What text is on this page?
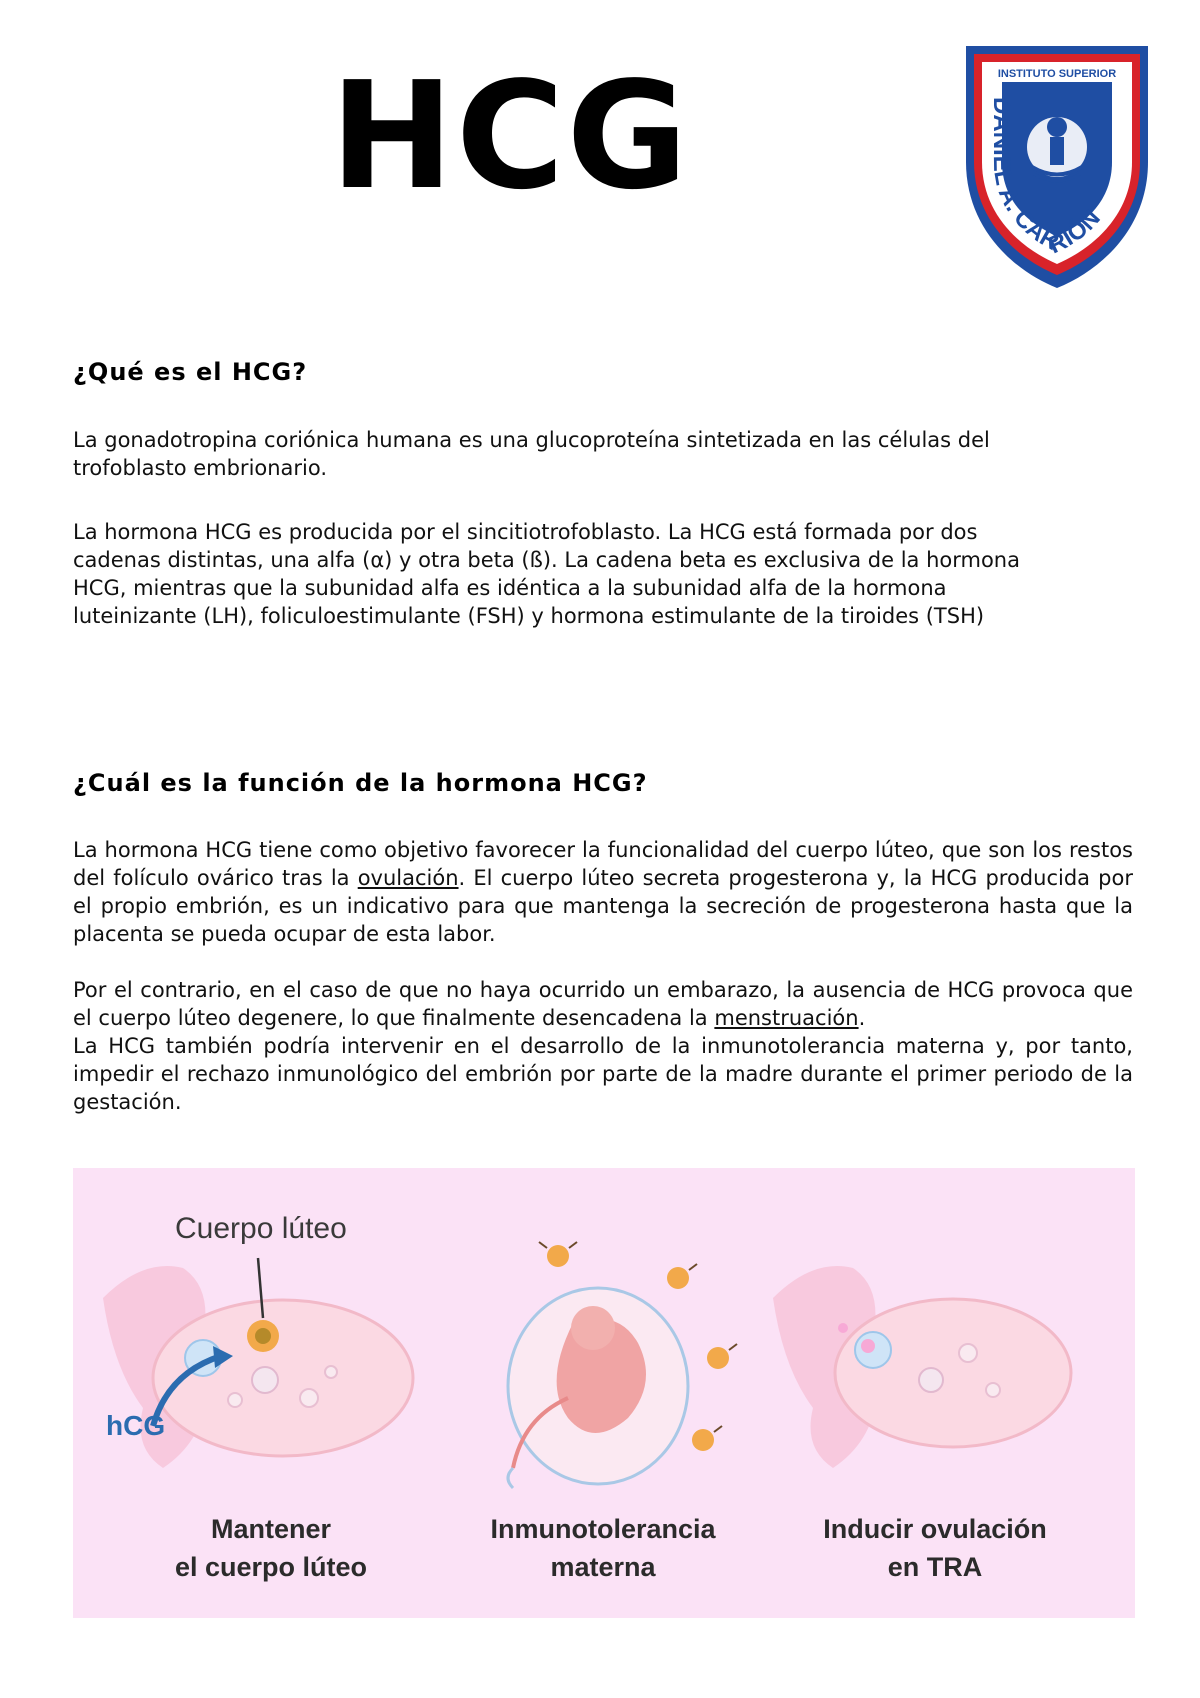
HCG	INSTITUTO SUPERIOR
DANIEL A. CARRIÓN
¿Qué es el HCG?

La gonadotropina coriónica humana es una glucoproteína sintetizada en las células del
trofoblasto embrionario.

La hormona HCG es producida por el sincitiotrofoblasto. La HCG está formada por dos
cadenas distintas, una alfa (α) y otra beta (ß). La cadena beta es exclusiva de la hormona
HCG, mientras que la subunidad alfa es idéntica a la subunidad alfa de la hormona
luteinizante (LH), foliculoestimulante (FSH) y hormona estimulante de la tiroides (TSH)

¿Cuál es la función de la hormona HCG?

La hormona HCG tiene como objetivo favorecer la funcionalidad del cuerpo lúteo, que son los restos del folículo ovárico tras la ovulación. El cuerpo lúteo secreta progesterona y, la HCG producida por el propio embrión, es un indicativo para que mantenga la secreción de progesterona hasta que la placenta se pueda ocupar de esta labor.

Por el contrario, en el caso de que no haya ocurrido un embarazo, la ausencia de HCG provoca que el cuerpo lúteo degenere, lo que finalmente desencadena la menstruación.
La HCG también podría intervenir en el desarrollo de la inmunotolerancia materna y, por tanto, impedir el rechazo inmunológico del embrión por parte de la madre durante el primer periodo de la gestación.

Cuerpo lúteo
hCG
Mantener
el cuerpo lúteo
Inmunotolerancia
materna
Inducir ovulación
en TRA
